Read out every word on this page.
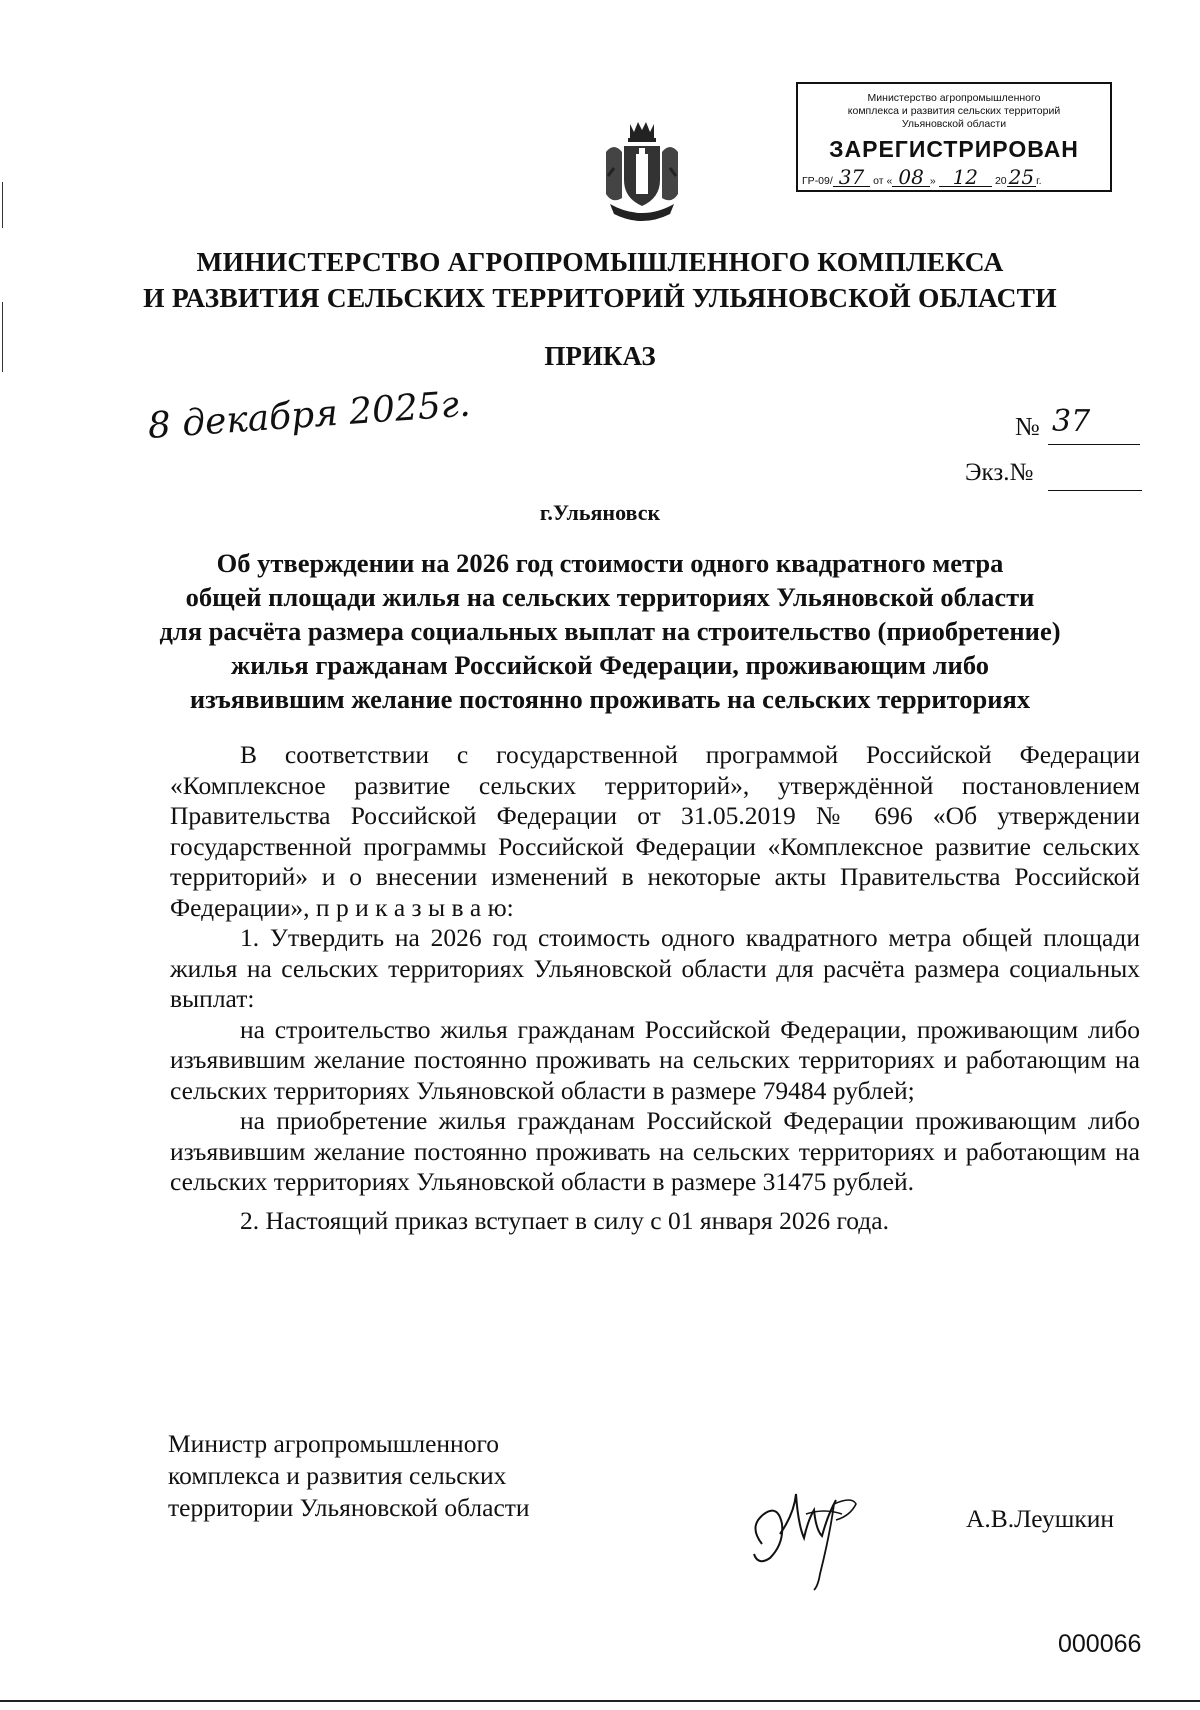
Министерство агропромышленного
комплекса и развития сельских территорий
Ульяновской области
ЗАРЕГИСТРИРОВАН
ГР-09/ 37 от « 08 » 12 20 25 г.
МИНИСТЕРСТВО АГРОПРОМЫШЛЕННОГО КОМПЛЕКСА
И РАЗВИТИЯ СЕЛЬСКИХ ТЕРРИТОРИЙ УЛЬЯНОВСКОЙ ОБЛАСТИ
ПРИКАЗ
8 декабря 2025г.	№ 37
Экз.№
г.Ульяновск
Об утверждении на 2026 год стоимости одного квадратного метра
общей площади жилья на сельских территориях Ульяновской области
для расчёта размера социальных выплат на строительство (приобретение)
жилья гражданам Российской Федерации, проживающим либо
изъявившим желание постоянно проживать на сельских территориях

В соответствии с государственной программой Российской Федерации «Комплексное развитие сельских территорий», утверждённой постановлением Правительства Российской Федерации от 31.05.2019 № 696 «Об утверждении государственной программы Российской Федерации «Комплексное развитие сельских территорий» и о внесении изменений в некоторые акты Правительства Российской Федерации», п р и к а з ы в а ю:

1. Утвердить на 2026 год стоимость одного квадратного метра общей площади жилья на сельских территориях Ульяновской области для расчёта размера социальных выплат:

на строительство жилья гражданам Российской Федерации, проживающим либо изъявившим желание постоянно проживать на сельских территориях и работающим на сельских территориях Ульяновской области в размере 79484 рублей;

на приобретение жилья гражданам Российской Федерации проживающим либо изъявившим желание постоянно проживать на сельских территориях и работающим на сельских территориях Ульяновской области в размере 31475 рублей.

2. Настоящий приказ вступает в силу с 01 января 2026 года.

Министр агропромышленного
комплекса и развития сельских
территории Ульяновской области	А.В.Леушкин
000066
